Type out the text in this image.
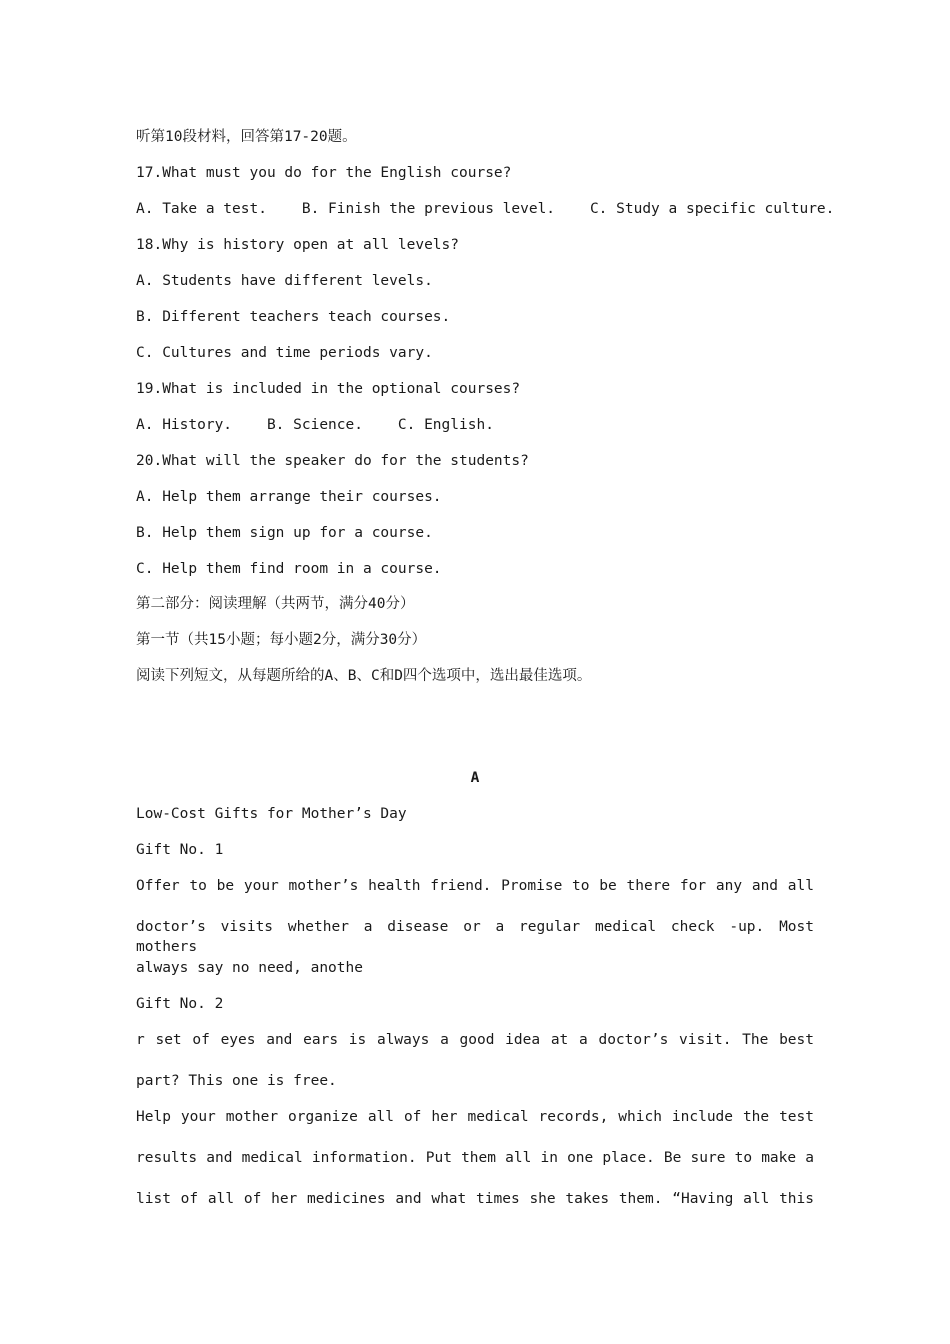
听第10段材料，回答第17-20题。

17.What must you do for the English course?

A. Take a test.    B. Finish the previous level.    C. Study a specific culture.

18.Why is history open at all levels?

A. Students have different levels.

B. Different teachers teach courses.

C. Cultures and time periods vary.

19.What is included in the optional courses?

A. History.    B. Science.    C. English.

20.What will the speaker do for the students?

A. Help them arrange their courses.

B. Help them sign up for a course.

C. Help them find room in a course.

第二部分：阅读理解（共两节，满分40分）

第一节（共15小题；每小题2分，满分30分）

阅读下列短文，从每题所给的A、B、C和D四个选项中，选出最佳选项。

A

Low-Cost Gifts for Mother’s Day

Gift No. 1

Offer to be your mother’s health friend. Promise to be there for any and all

doctor’s visits whether a disease or a regular medical check -up. Most mothers

always say no need, anothe

Gift No. 2

r set of eyes and ears is always a good idea at a doctor’s visit. The best

part? This one is free.

Help your mother organize all of her medical records, which include the test

results and medical information. Put them all in one place. Be sure to make a

list of all of her medicines and what times she takes them. “Having all this
